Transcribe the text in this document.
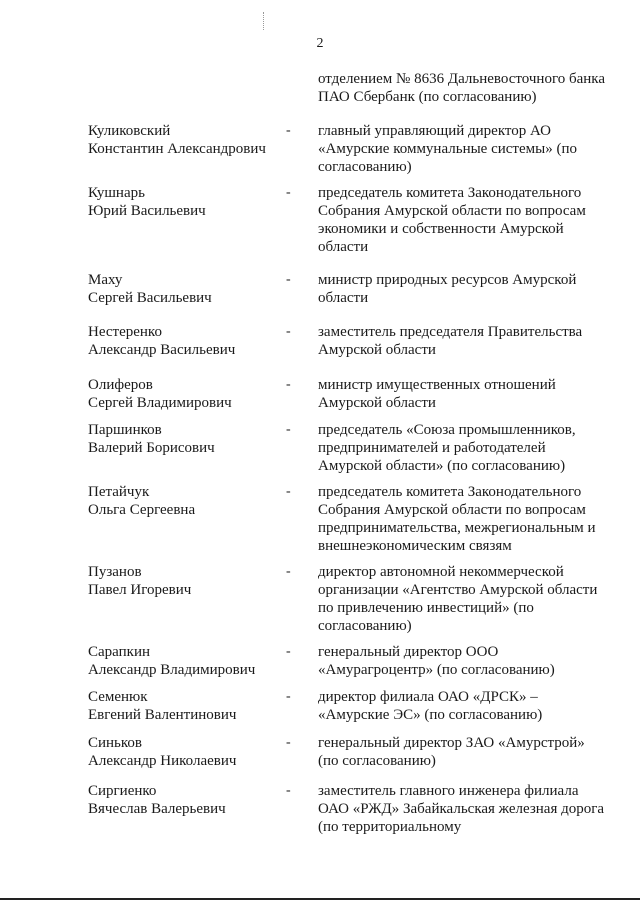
2
отделением № 8636 Дальневосточного банка ПАО Сбербанк (по согласованию)
Куликовский
Константин Александрович
- главный управляющий директор АО «Амурские коммунальные системы» (по согласованию)
Кушнарь
Юрий Васильевич
- председатель комитета Законодательного Собрания Амурской области по вопросам экономики и собственности Амурской области
Маху
Сергей Васильевич
- министр природных ресурсов Амурской области
Нестеренко
Александр Васильевич
- заместитель председателя Правительства Амурской области
Олиферов
Сергей Владимирович
- министр имущественных отношений Амурской области
Паршинков
Валерий Борисович
- председатель «Союза промышленников, предпринимателей и работодателей Амурской области» (по согласованию)
Петайчук
Ольга Сергеевна
- председатель комитета Законодательного Собрания Амурской области по вопросам предпринимательства, межрегиональным и внешнеэкономическим связям
Пузанов
Павел Игоревич
- директор автономной некоммерческой организации «Агентство Амурской области по привлечению инвестиций» (по согласованию)
Сарапкин
Александр Владимирович
- генеральный директор ООО «Амурагроцентр» (по согласованию)
Семенюк
Евгений Валентинович
- директор филиала ОАО «ДРСК» – «Амурские ЭС» (по согласованию)
Синьков
Александр Николаевич
- генеральный директор ЗАО «Амурстрой» (по согласованию)
Сиргиенко
Вячеслав Валерьевич
- заместитель главного инженера филиала ОАО «РЖД» Забайкальская железная дорога (по территориальному
